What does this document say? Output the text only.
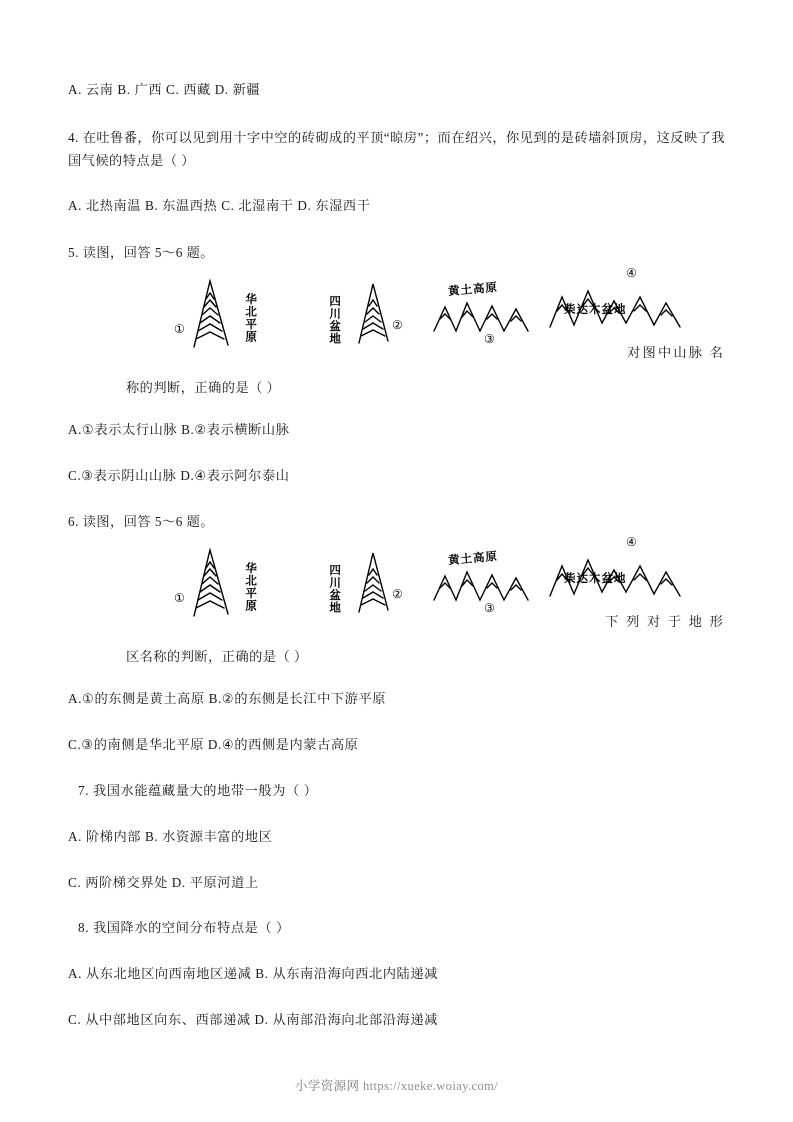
A. 云南 B. 广西 C. 西藏 D. 新疆
4. 在吐鲁番，你可以见到用十字中空的砖砌成的平顶“晾房”；而在绍兴，你见到的是砖墙斜顶房，这反映了我国气候的特点是（ ）
A. 北热南温 B. 东温西热 C. 北湿南干 D. 东湿西干
5. 读图，回答 5～6 题。
①	华北平原	四川盆地	②
黄土高原
③
柴达木盆地
④
对图中山脉 名
称的判断，正确的是（ ）
A.①表示太行山脉 B.②表示横断山脉
C.③表示阴山山脉 D.④表示阿尔泰山
6. 读图，回答 5～6 题。
①	华北平原	四川盆地	②
黄土高原
③
柴达木盆地
④
下 列 对 于 地 形
区名称的判断，正确的是（ ）
A.①的东侧是黄土高原 B.②的东侧是长江中下游平原
C.③的南侧是华北平原 D.④的西侧是内蒙古高原
7. 我国水能蕴藏量大的地带一般为（ ）
A. 阶梯内部 B. 水资源丰富的地区
C. 两阶梯交界处 D. 平原河道上
8. 我国降水的空间分布特点是（ ）
A. 从东北地区向西南地区递减 B. 从东南沿海向西北内陆递减
C. 从中部地区向东、西部递减 D. 从南部沿海向北部沿海递减
小学资源网 https://xueke.woiay.com/
